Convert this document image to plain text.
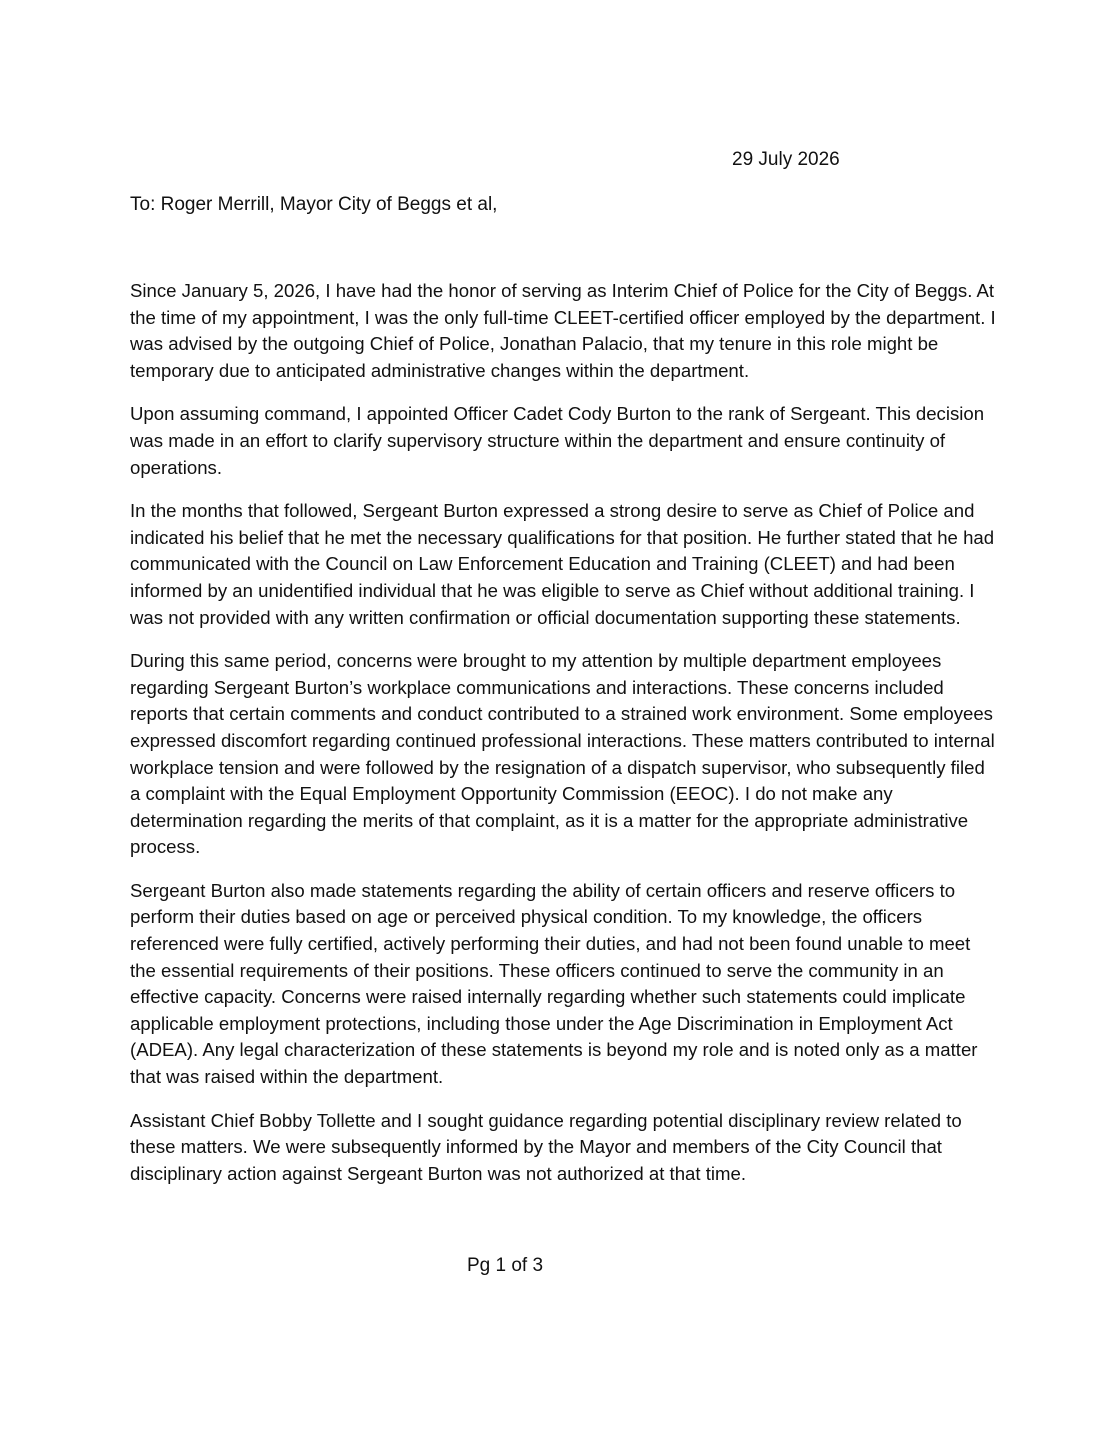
29 July 2026
To: Roger Merrill, Mayor City of Beggs et al,

Since January 5, 2026, I have had the honor of serving as Interim Chief of Police for the City of Beggs. At the time of my appointment, I was the only full-time CLEET-certified officer employed by the department. I was advised by the outgoing Chief of Police, Jonathan Palacio, that my tenure in this role might be temporary due to anticipated administrative changes within the department.

Upon assuming command, I appointed Officer Cadet Cody Burton to the rank of Sergeant. This decision was made in an effort to clarify supervisory structure within the department and ensure continuity of operations.

In the months that followed, Sergeant Burton expressed a strong desire to serve as Chief of Police and indicated his belief that he met the necessary qualifications for that position. He further stated that he had communicated with the Council on Law Enforcement Education and Training (CLEET) and had been informed by an unidentified individual that he was eligible to serve as Chief without additional training. I was not provided with any written confirmation or official documentation supporting these statements.

During this same period, concerns were brought to my attention by multiple department employees regarding Sergeant Burton’s workplace communications and interactions. These concerns included reports that certain comments and conduct contributed to a strained work environment. Some employees expressed discomfort regarding continued professional interactions. These matters contributed to internal workplace tension and were followed by the resignation of a dispatch supervisor, who subsequently filed a complaint with the Equal Employment Opportunity Commission (EEOC). I do not make any determination regarding the merits of that complaint, as it is a matter for the appropriate administrative process.

Sergeant Burton also made statements regarding the ability of certain officers and reserve officers to perform their duties based on age or perceived physical condition. To my knowledge, the officers referenced were fully certified, actively performing their duties, and had not been found unable to meet the essential requirements of their positions. These officers continued to serve the community in an effective capacity. Concerns were raised internally regarding whether such statements could implicate applicable employment protections, including those under the Age Discrimination in Employment Act (ADEA). Any legal characterization of these statements is beyond my role and is noted only as a matter that was raised within the department.

Assistant Chief Bobby Tollette and I sought guidance regarding potential disciplinary review related to these matters. We were subsequently informed by the Mayor and members of the City Council that disciplinary action against Sergeant Burton was not authorized at that time.

Pg 1 of 3
